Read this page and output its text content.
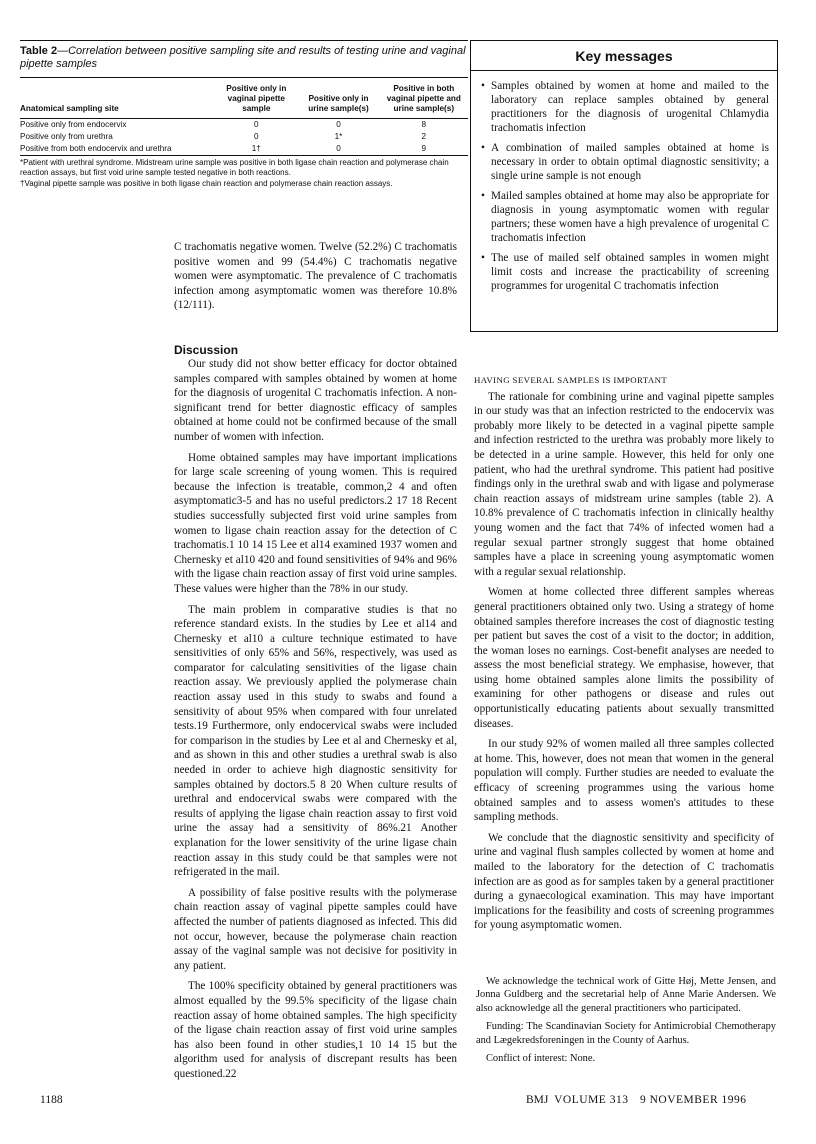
Table 2—Correlation between positive sampling site and results of testing urine and vaginal pipette samples
Anatomical sampling site	Positive only in vaginal pipette sample	Positive only in urine sample(s)	Positive in both vaginal pipette and urine sample(s)
Positive only from endocervix	0	0	8
Positive only from urethra	0	1*	2
Positive from both endocervix and urethra	1†	0	9
*Patient with urethral syndrome. Midstream urine sample was positive in both ligase chain reaction and polymerase chain reaction assays, but first void urine sample tested negative in both reactions.
†Vaginal pipette sample was positive in both ligase chain reaction and polymerase chain reaction assays.
Key messages
• Samples obtained by women at home and mailed to the laboratory can replace samples obtained by general practitioners for the diagnosis of urogenital Chlamydia trachomatis infection
• A combination of mailed samples obtained at home is necessary in order to obtain optimal diagnostic sensitivity; a single urine sample is not enough
• Mailed samples obtained at home may also be appropriate for diagnosis in young asymptomatic women with regular partners; these women have a high prevalence of urogenital C trachomatis infection
• The use of mailed self obtained samples in women might limit costs and increase the practicability of screening programmes for urogenital C trachomatis infection

C trachomatis negative women. Twelve (52.2%) C trachomatis positive women and 99 (54.4%) C trachomatis negative women were asymptomatic. The prevalence of C trachomatis infection among asymptomatic women was therefore 10.8% (12/111).

Discussion

Our study did not show better efficacy for doctor obtained samples compared with samples obtained by women at home for the diagnosis of urogenital C trachomatis infection. A non-significant trend for better diagnostic efficacy of samples obtained at home could not be confirmed because of the small number of women with infection.

Home obtained samples may have important implications for large scale screening of young women. This is required because the infection is treatable, common,2 4 and often asymptomatic3-5 and has no useful predictors.2 17 18 Recent studies successfully subjected first void urine samples from women to ligase chain reaction assay for the detection of C trachomatis.1 10 14 15 Lee et al14 examined 1937 women and Chernesky et al10 420 and found sensitivities of 94% and 96% with the ligase chain reaction assay of first void urine samples. These values were higher than the 78% in our study.

The main problem in comparative studies is that no reference standard exists. In the studies by Lee et al14 and Chernesky et al10 a culture technique estimated to have sensitivities of only 65% and 56%, respectively, was used as comparator for calculating sensitivities of the ligase chain reaction assay. We previously applied the polymerase chain reaction assay used in this study to swabs and found a sensitivity of about 95% when compared with four unrelated tests.19 Furthermore, only endocervical swabs were included for comparison in the studies by Lee et al and Chernesky et al, and as shown in this and other studies a urethral swab is also needed in order to achieve high diagnostic sensitivity for samples obtained by doctors.5 8 20 When culture results of urethral and endocervical swabs were compared with the results of applying the ligase chain reaction assay to first void urine the assay had a sensitivity of 86%.21 Another explanation for the lower sensitivity of the urine ligase chain reaction assay in this study could be that samples were not refrigerated in the mail.

A possibility of false positive results with the polymerase chain reaction assay of vaginal pipette samples could have affected the number of patients diagnosed as infected. This did not occur, however, because the polymerase chain reaction assay of the vaginal sample was not decisive for positivity in any patient.

The 100% specificity obtained by general practitioners was almost equalled by the 99.5% specificity of the ligase chain reaction assay of home obtained samples. The high specificity of the ligase chain reaction assay of first void urine samples has also been found in other studies,1 10 14 15 but the algorithm used for analysis of discrepant results has been questioned.22

HAVING SEVERAL SAMPLES IS IMPORTANT

The rationale for combining urine and vaginal pipette samples in our study was that an infection restricted to the endocervix was probably more likely to be detected in a vaginal pipette sample and infection restricted to the urethra was probably more likely to be detected in a urine sample. However, this held for only one patient, who had the urethral syndrome. This patient had positive findings only in the urethral swab and with ligase and polymerase chain reaction assays of midstream urine samples (table 2). A 10.8% prevalence of C trachomatis infection in clinically healthy young women and the fact that 74% of infected women had a regular sexual partner strongly suggest that home obtained samples have a place in screening young asymptomatic women with a regular sexual relationship.

Women at home collected three different samples whereas general practitioners obtained only two. Using a strategy of home obtained samples therefore increases the cost of diagnostic testing per patient but saves the cost of a visit to the doctor; in addition, the woman loses no earnings. Cost-benefit analyses are needed to assess the most beneficial strategy. We emphasise, however, that using home obtained samples alone limits the possibility of examining for other pathogens or disease and rules out opportunistically educating patients about sexually transmitted diseases.

In our study 92% of women mailed all three samples collected at home. This, however, does not mean that women in the general population will comply. Further studies are needed to evaluate the efficacy of screening programmes using the various home obtained samples and to assess women's attitudes to these sampling methods.

We conclude that the diagnostic sensitivity and specificity of urine and vaginal flush samples collected by women at home and mailed to the laboratory for the detection of C trachomatis infection are as good as for samples taken by a general practitioner during a gynaecological examination. This may have important implications for the feasibility and costs of screening programmes for young asymptomatic women.

We acknowledge the technical work of Gitte Høj, Mette Jensen, and Jonna Guldberg and the secretarial help of Anne Marie Andersen. We also acknowledge all the general practitioners who participated.

Funding: The Scandinavian Society for Antimicrobial Chemotherapy and Lægekredsforeningen in the County of Aarhus.

Conflict of interest: None.

1188	BMJ VOLUME 313 9 NOVEMBER 1996
